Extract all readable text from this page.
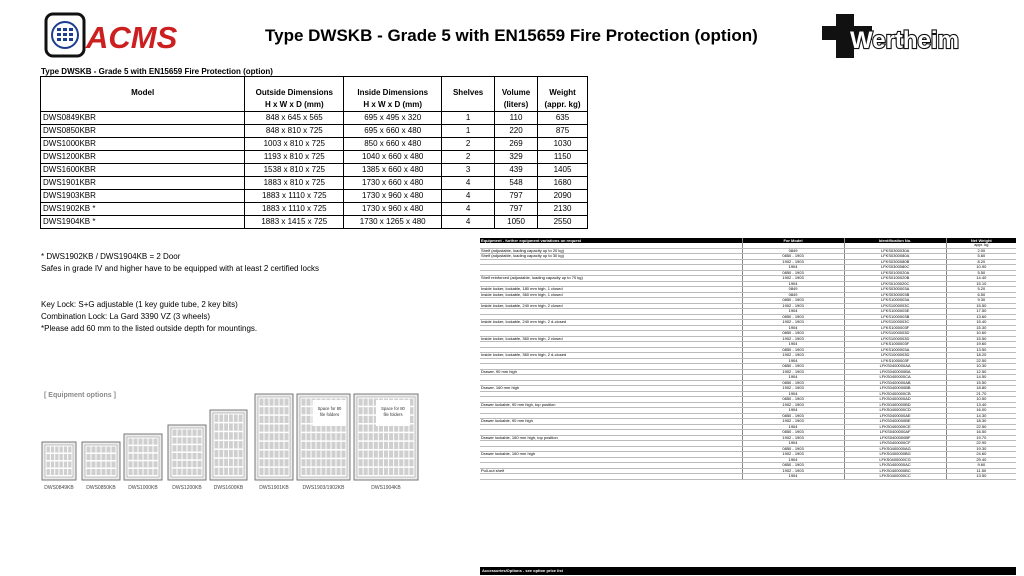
ACMS	Type DWSKB - Grade 5 with EN15659 Fire Protection (option)	Wertheim
Type DWSKB - Grade 5 with EN15659 Fire Protection (option)
Model	Outside Dimensions	Inside Dimensions	Shelves	Volume	Weight
	H x W x D (mm)	H x W x D (mm)		(liters)	(appr. kg)
DWS0849KBR	848 x 645 x 565	695 x 495 x 320	1	110	635
DWS0850KBR	848 x 810 x 725	695 x 660 x 480	1	220	875
DWS1000KBR	1003 x 810 x 725	850 x 660 x 480	2	269	1030
DWS1200KBR	1193 x 810 x 725	1040 x 660 x 480	2	329	1150
DWS1600KBR	1538 x 810 x 725	1385 x 660 x 480	3	439	1405
DWS1901KBR	1883 x 810 x 725	1730 x 660 x 480	4	548	1680
DWS1903KBR	1883 x 1110 x 725	1730 x 960 x 480	4	797	2090
DWS1902KB *	1883 x 1110 x 725	1730 x 960 x 480	4	797	2130
DWS1904KB *	1883 x 1415 x 725	1730 x 1265 x 480	4	1050	2550
* DWS1902KB / DWS1904KB = 2 Door
Safes in grade IV and higher have to be equipped with at least 2 certified locks
Key Lock: S+G adjustable (1 key guide tube, 2 key bits)
Combination Lock: La Gard 3390 VZ (3 wheels)
*Please add 60 mm to the listed outside depth for mountings.
[ Equipment options ]
DWS0849KB	DWS0850KB	DWS1000KB	DWS1200KB DWS1600KB	DWS1901KB
Space for 80
file folders
DWS1903/1902KB
Space for 80
file folders
DWS1904KB
Equipment - further equipment variations on request	For Model	Identification No.	Net Weight
appr. kg
Shelf (adjustable, loading capacity up to 20 kg)	0849	LFKS0300030A	2.00
Shelf (adjustable, loading capacity up to 30 kg)	0850 - 1903	LFKS0300080A	5.60
1902 - 1903	LFKS0300080B	8.20
1904	LFKS0300080C	10.90
0850 - 1903	LFKS0100020A	5.50
Shelf reinforced (adjustable, loading capacity up to 70 kg)	1902 - 1903	LFKS0100020B	14.40
1904	LFKS0100020C	15.10
Inside locker, lockable, 180 mm high, 1 closed	0849	LFKS0300003A	5.20
Inside locker, lockable, 360 mm high, 1 closed	0849	LFKS0300003B	6.50
0850 - 1903	LFKS1000003A	9.30
Inside locker, lockable, 240 mm high, 2 closed	1902 - 1903	LFKS1000003C	15.50
1904	LFKS1000003E	17.50
0850 - 1903	LFKS1000003B	13.60
Inside locker, lockable, 240 mm high, 2 d-closed	1902 - 1903	LFKS1000003C	15.40
1904	LFKS1000003F	15.30
0850 - 1903	LFKS1000003D	10.60
Inside locker, lockable, 360 mm high, 2 closed	1902 - 1903	LFKS1000003D	15.50
1904	LFKS1000003F	19.60
0850 - 1903	LFKS1000003A	13.50
Inside locker, lockable, 360 mm high, 2 d-closed	1902 - 1903	LFKS1000003D	18.20
1904	LFKS1000003F	22.50
0850 - 1903	LFKS0400000AA	10.30
Drawer, 90 mm high	1902 - 1903	LFKS0400000BA	12.50
1904	LFKS0400000CA	14.50
0850 - 1903	LFKS0400000AB	15.50
Drawer, 160 mm high	1902 - 1903	LFKS0400000BB	18.80
1904	LFKS0400000CB	21.70
0850 - 1903	LFKS0400000AD	10.50
Drawer lockable, 90 mm high, top position	1902 - 1903	LFKS0400000BD	13.40
1904	LFKS0400000CD	16.00
0850 - 1903	LFKS0400000AE	14.30
Drawer lockable, 90 mm high	1902 - 1903	LFKS0400000BE	18.30
1904	LFKS0400000CE	22.50
0850 - 1903	LFKS0400000AF	16.50
Drawer lockable, 160 mm high, top position	1902 - 1903	LFKS0400000BF	19.70
1904	LFKS0400000CF	22.90
0850 - 1903	LFKS0400000AG	19.30
Drawer lockable, 160 mm high	1902 - 1903	LFKS0400000BG	24.60
1904	LFKS0400000CG	29.40
0850 - 1903	LFKS0400000AC	9.60
Pull-out shelf	1902 - 1903	LFKS0400000BC	11.50
1904	LFKS0400000CC	13.50
Accessories/Options - see option price list
